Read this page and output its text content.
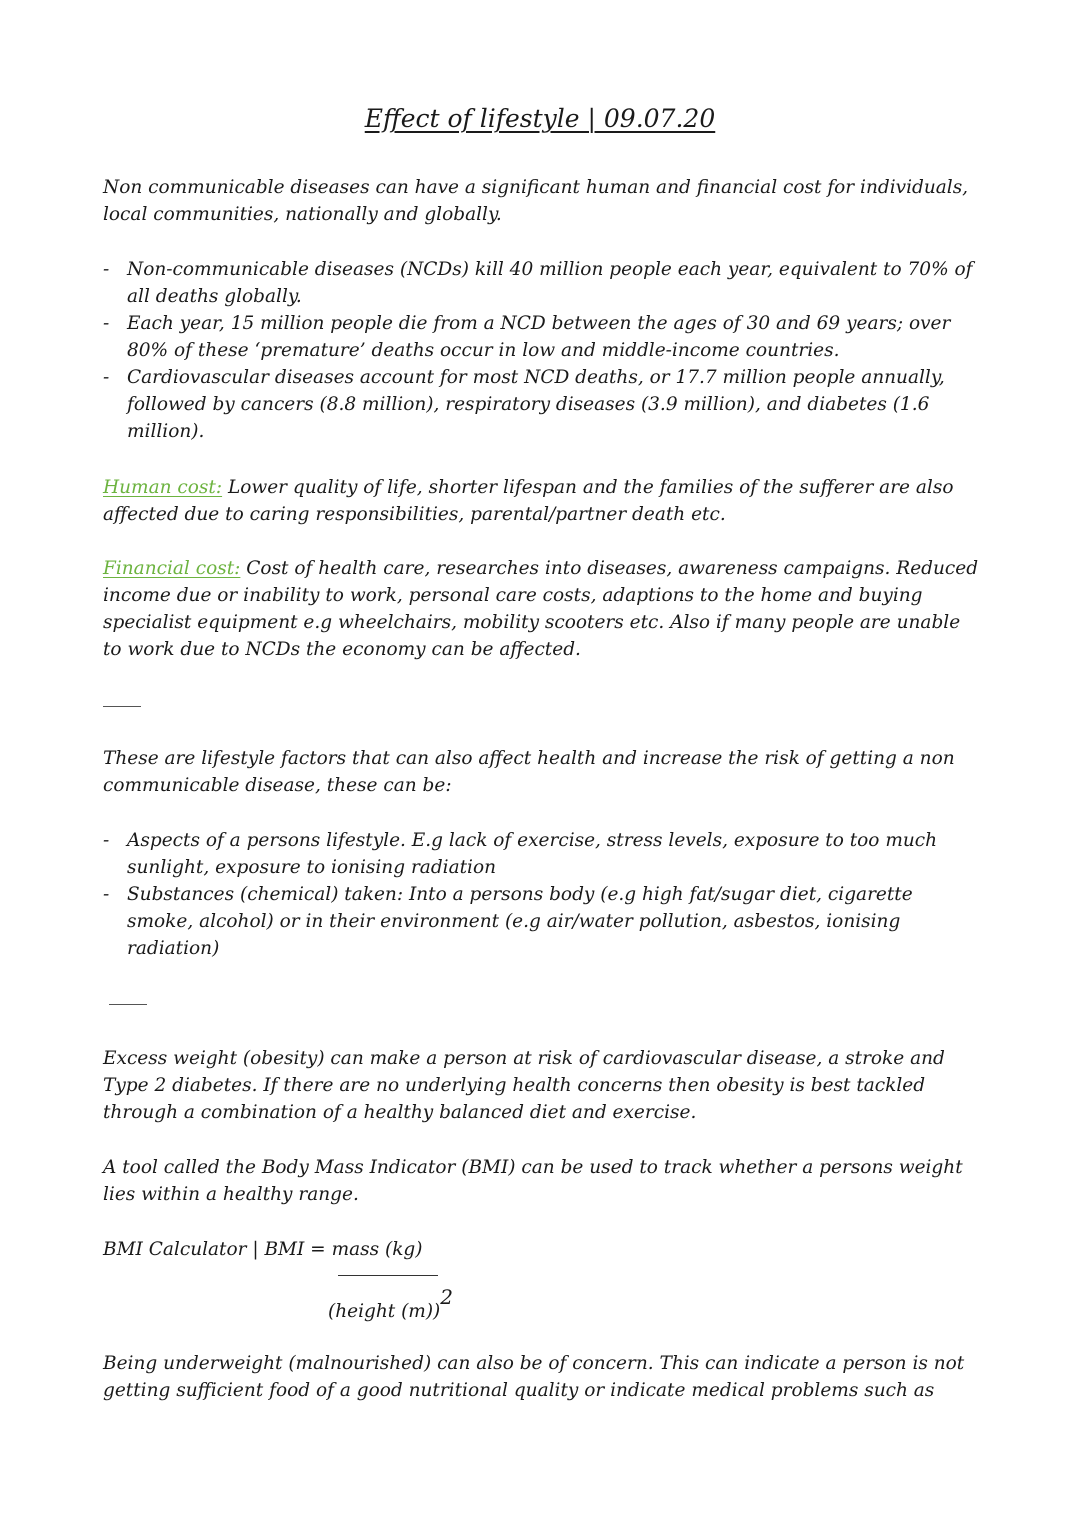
Effect of lifestyle | 09.07.20

Non communicable diseases can have a significant human and financial cost for individuals, local communities, nationally and globally.

- Non-communicable diseases (NCDs) kill 40 million people each year, equivalent to 70% of all deaths globally.
- Each year, 15 million people die from a NCD between the ages of 30 and 69 years; over 80% of these ‘premature’ deaths occur in low and middle-income countries.
- Cardiovascular diseases account for most NCD deaths, or 17.7 million people annually, followed by cancers (8.8 million), respiratory diseases (3.9 million), and diabetes (1.6 million).

Human cost: Lower quality of life, shorter lifespan and the families of the sufferer are also affected due to caring responsibilities, parental/partner death etc.

Financial cost: Cost of health care, researches into diseases, awareness campaigns. Reduced income due or inability to work, personal care costs, adaptions to the home and buying specialist equipment e.g wheelchairs, mobility scooters etc. Also if many people are unable to work due to NCDs the economy can be affected.

These are lifestyle factors that can also affect health and increase the risk of getting a non communicable disease, these can be:

- Aspects of a persons lifestyle. E.g lack of exercise, stress levels, exposure to too much sunlight, exposure to ionising radiation
- Substances (chemical) taken: Into a persons body (e.g high fat/sugar diet, cigarette smoke, alcohol) or in their environment (e.g air/water pollution, asbestos, ionising radiation)

Excess weight (obesity) can make a person at risk of cardiovascular disease, a stroke and Type 2 diabetes. If there are no underlying health concerns then obesity is best tackled through a combination of a healthy balanced diet and exercise.

A tool called the Body Mass Indicator (BMI) can be used to track whether a persons weight lies within a healthy range.

BMI Calculator | BMI = mass (kg)
(height (m))$^2$

Being underweight (malnourished) can also be of concern. This can indicate a person is not getting sufficient food of a good nutritional quality or indicate medical problems such as
